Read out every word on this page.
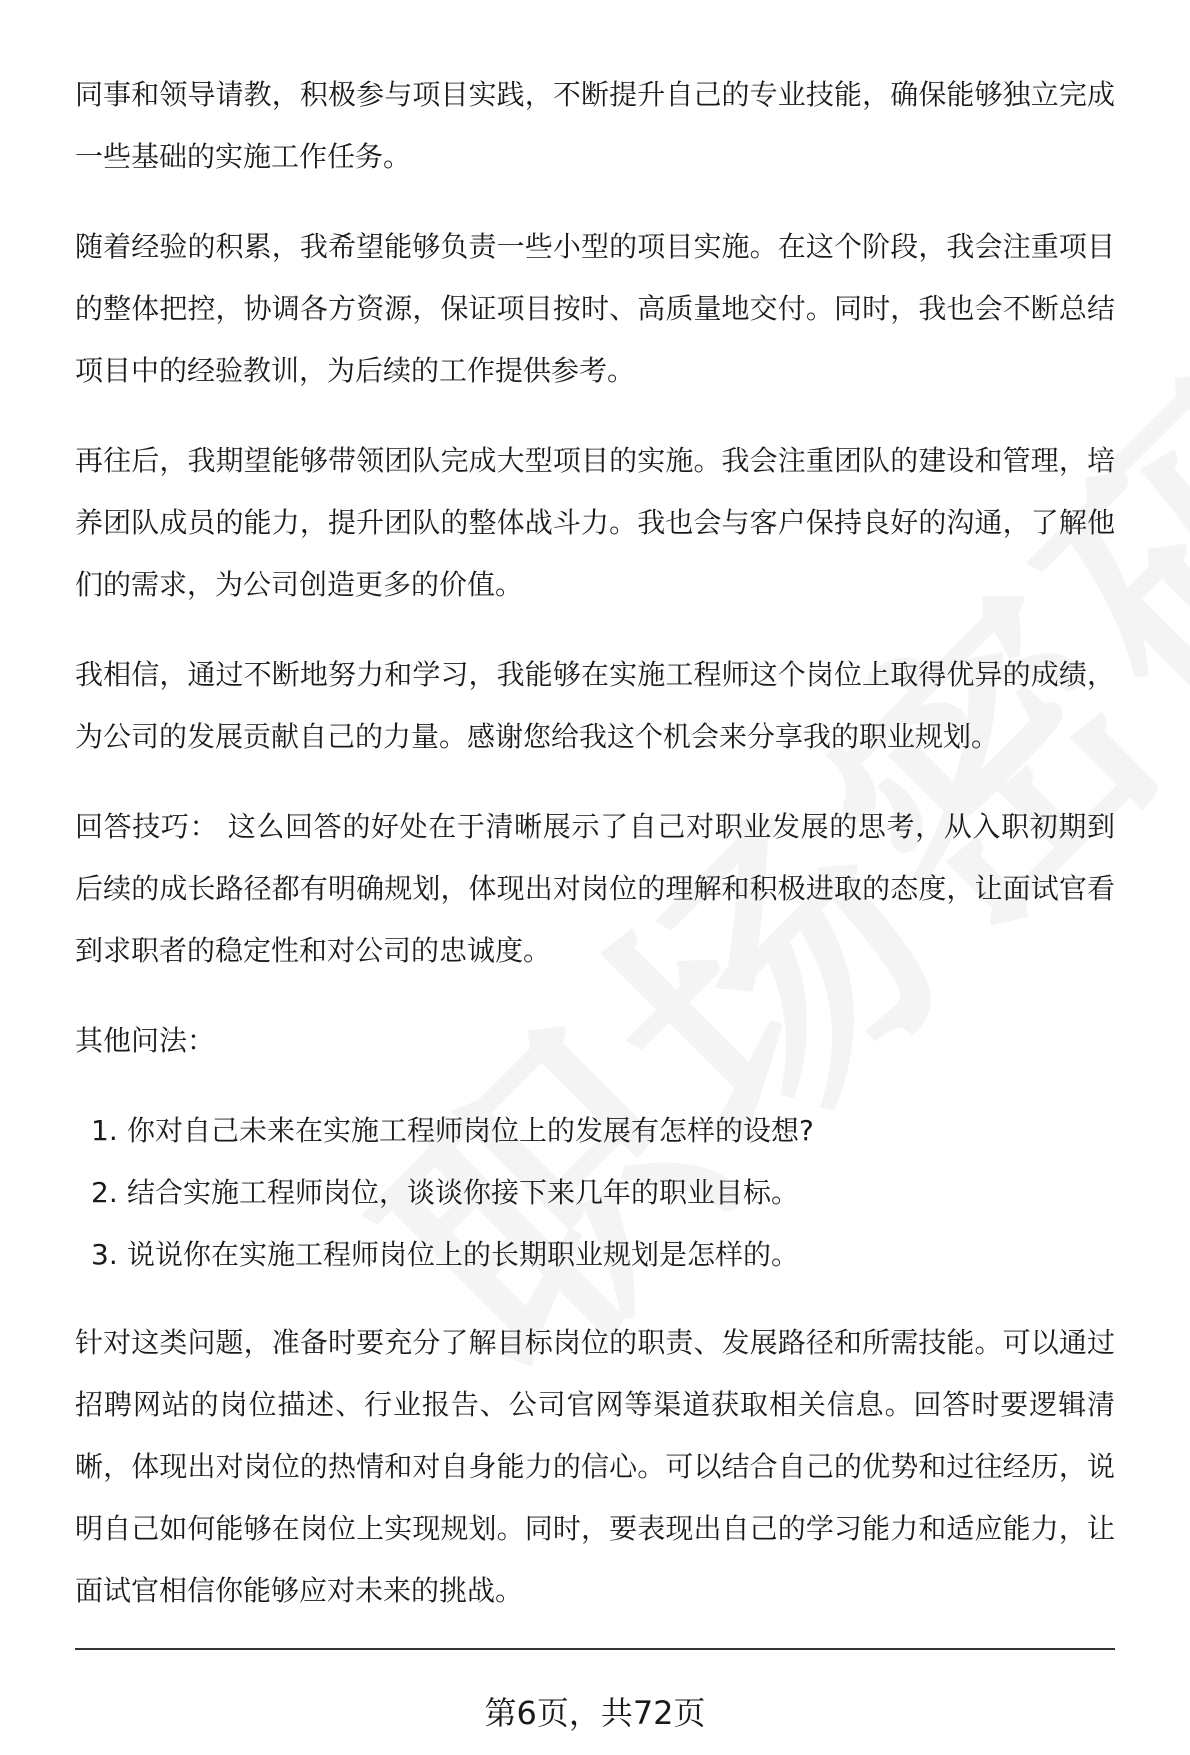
同事和领导请教，积极参与项目实践，不断提升自己的专业技能，确保能够独立完成一些基础的实施工作任务。

随着经验的积累，我希望能够负责一些小型的项目实施。在这个阶段，我会注重项目的整体把控，协调各方资源，保证项目按时、高质量地交付。同时，我也会不断总结项目中的经验教训，为后续的工作提供参考。

再往后，我期望能够带领团队完成大型项目的实施。我会注重团队的建设和管理，培养团队成员的能力，提升团队的整体战斗力。我也会与客户保持良好的沟通，了解他们的需求，为公司创造更多的价值。

我相信，通过不断地努力和学习，我能够在实施工程师这个岗位上取得优异的成绩，为公司的发展贡献自己的力量。感谢您给我这个机会来分享我的职业规划。

回答技巧： 这么回答的好处在于清晰展示了自己对职业发展的思考，从入职初期到后续的成长路径都有明确规划，体现出对岗位的理解和积极进取的态度，让面试官看到求职者的稳定性和对公司的忠诚度。

其他问法：

1. 你对自己未来在实施工程师岗位上的发展有怎样的设想?
2. 结合实施工程师岗位，谈谈你接下来几年的职业目标。
3. 说说你在实施工程师岗位上的长期职业规划是怎样的。

针对这类问题，准备时要充分了解目标岗位的职责、发展路径和所需技能。可以通过招聘网站的岗位描述、行业报告、公司官网等渠道获取相关信息。回答时要逻辑清晰，体现出对岗位的热情和对自身能力的信心。可以结合自己的优势和过往经历，说明自己如何能够在岗位上实现规划。同时，要表现出自己的学习能力和适应能力，让面试官相信你能够应对未来的挑战。

第6页，共72页
